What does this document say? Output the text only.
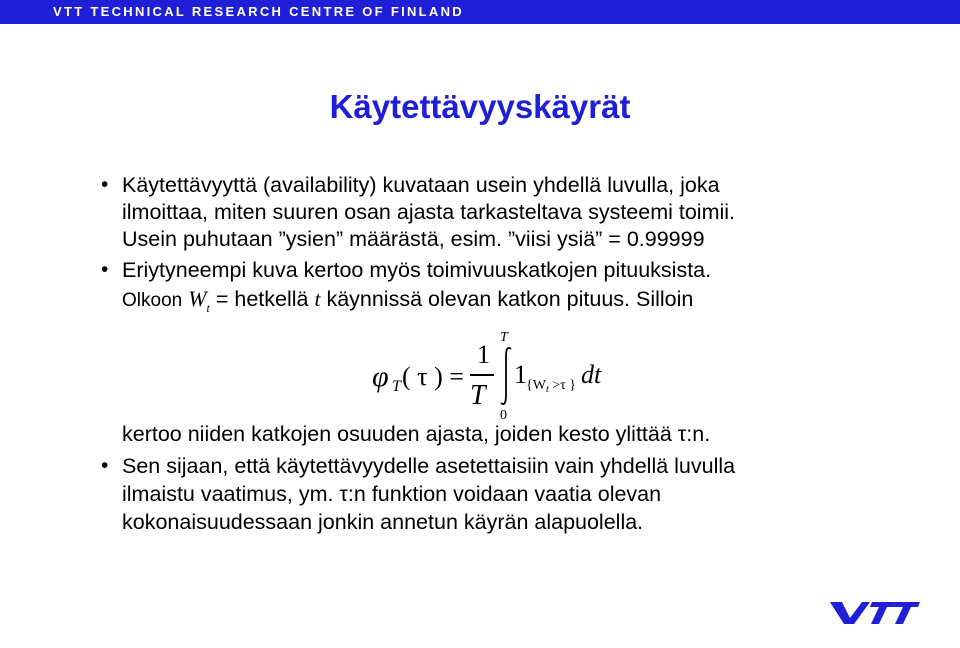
VTT TECHNICAL RESEARCH CENTRE OF FINLAND
Käytettävyyskäyrät
• Käytettävyyttä (availability) kuvataan usein yhdellä luvulla, joka
ilmoittaa, miten suuren osan ajasta tarkasteltava systeemi toimii.
Usein puhutaan ”ysien” määrästä, esim. ”viisi ysiä” = 0.99999
• Eriytyneempi kuva kertoo myös toimivuuskatkojen pituuksista.
Olkoon $W_t$ = hetkellä t käynnissä olevan katkon pituus. Silloin
φ T ( τ ) =
1
T
T
0
1 {$W_t >\tau$ } dt
kertoo niiden katkojen osuuden ajasta, joiden kesto ylittää τ:n.
• Sen sijaan, että käytettävyydelle asetettaisiin vain yhdellä luvulla
ilmaistu vaatimus, ym. τ:n funktion voidaan vaatia olevan
kokonaisuudessaan jonkin annetun käyrän alapuolella.
